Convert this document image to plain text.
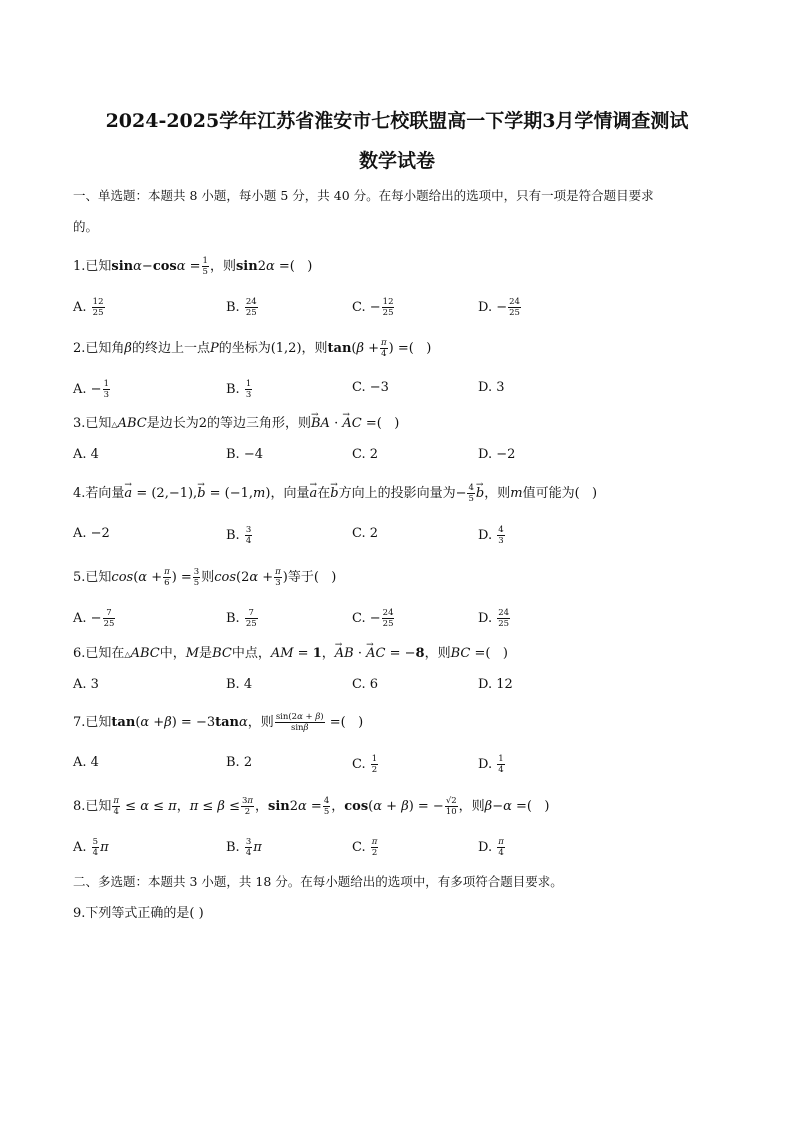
2024-2025学年江苏省淮安市七校联盟高一下学期3月学情调查测试
数学试卷
一、单选题：本题共 8 小题，每小题 5 分，共 40 分。在每小题给出的选项中，只有一项是符合题目要求
的。
1.已知$\sin\alpha-\cos\alpha = \frac{1}{5}$ ，则sin2α =(   )
A. $\frac{12}{25}$	B. $\frac{24}{25}$	C. − $\frac{12}{25}$	D. − $\frac{24}{25}$
2.已知角β的终边上一点P的坐标为(1,2)，则$\tan(\beta + \frac{\pi}{4}$ ) =(   )
A. − $\frac{1}{3}$	B. $\frac{1}{3}$	C. −3	D. 3
3.已知△ABC是边长为2的等边三角形，则→ BA · → AC =(   )
A. 4	B. −4	C. 2	D. −2
4.若向量→ a = (2,−1),→ b = (−1,m)，向量→ a在→ b方向上的投影向量为− $\frac{4}{5}$
→ b，则m值可能为(   )
A. −2	B. $\frac{3}{4}$	C. 2	D. $\frac{4}{3}$
5.已知$\cos(\alpha + \frac{\pi}{6}$ ) = $\frac{3}{5}$ 则$\cos(2\alpha + \frac{\pi}{3}$ )等于(   )
A. − $\frac{7}{25}$	B. $\frac{7}{25}$	C. − $\frac{24}{25}$	D. $\frac{24}{25}$
6.已知在△ABC中，M是BC中点，AM = 1，→ AB · → AC = −8，则BC =(   )
A. 3	B. 4	C. 6	D. 12
7.已知tan(α +β) = −3tanα，则 $\frac{\sin(2\alpha + \beta)}{\sin\beta}$ =(   )
A. 4	B. 2	C. $\frac{1}{2}$	D. $\frac{1}{4}$
8.已知 $\frac{\pi}{4} \le \alpha \le \pi$，$\pi \le \beta \le \frac{3\pi}{2}$ ，$\sin 2\alpha = \frac{4}{5}$ ，cos(α + β) = − $\frac{√2}{10}$ ，则β−α =(   )
A. $\frac{5}{4}$ π	B. $\frac{3}{4}$ π	C. $\frac{\pi}{2}$	D. $\frac{\pi}{4}$
二、多选题：本题共 3 小题，共 18 分。在每小题给出的选项中，有多项符合题目要求。
9.下列等式正确的是( )
